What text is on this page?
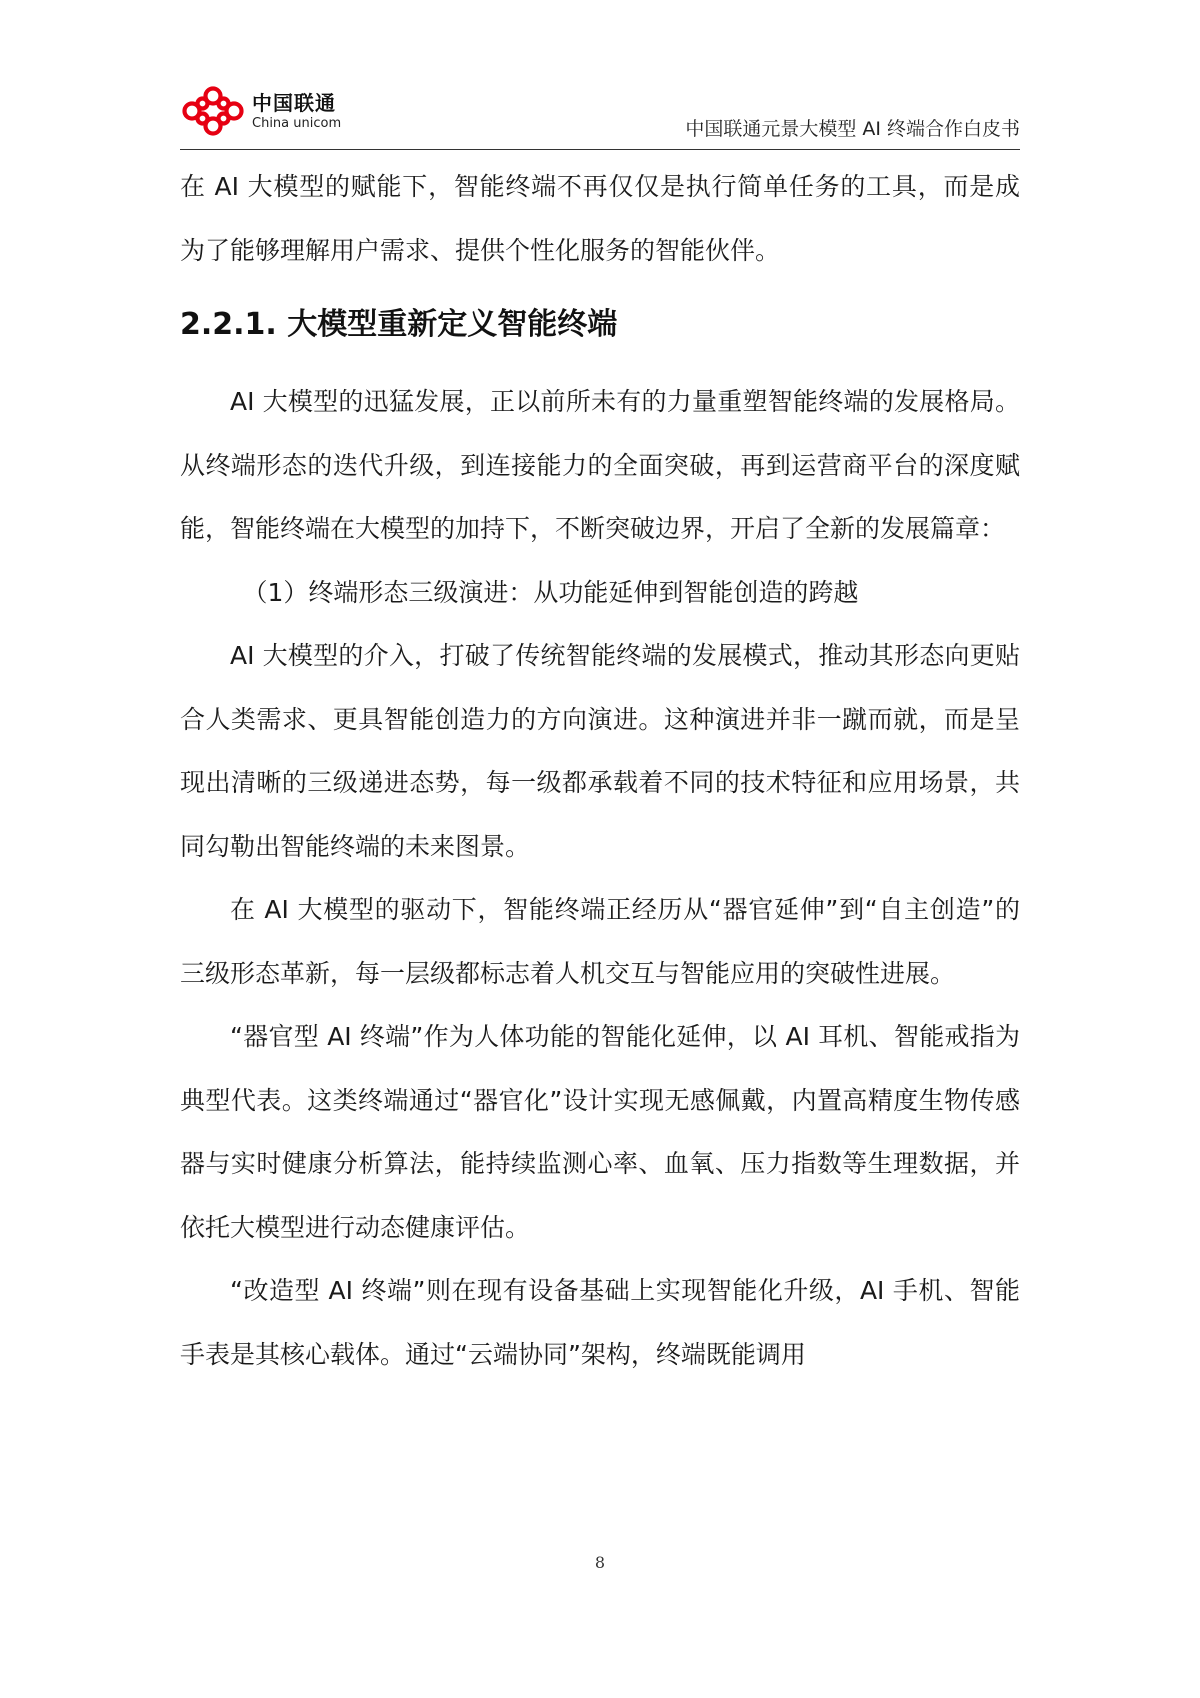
中国联通
China unicom	中国联通元景大模型 AI 终端合作白皮书

在 AI 大模型的赋能下，智能终端不再仅仅是执行简单任务的工具，而是成为了能够理解用户需求、提供个性化服务的智能伙伴。

2.2.1. 大模型重新定义智能终端

AI 大模型的迅猛发展，正以前所未有的力量重塑智能终端的发展格局。从终端形态的迭代升级，到连接能力的全面突破，再到运营商平台的深度赋能，智能终端在大模型的加持下，不断突破边界，开启了全新的发展篇章：

（1）终端形态三级演进：从功能延伸到智能创造的跨越

AI 大模型的介入，打破了传统智能终端的发展模式，推动其形态向更贴合人类需求、更具智能创造力的方向演进。这种演进并非一蹴而就，而是呈现出清晰的三级递进态势，每一级都承载着不同的技术特征和应用场景，共同勾勒出智能终端的未来图景。

在 AI 大模型的驱动下，智能终端正经历从“器官延伸”到“自主创造”的三级形态革新，每一层级都标志着人机交互与智能应用的突破性进展。

“器官型 AI 终端”作为人体功能的智能化延伸，以 AI 耳机、智能戒指为典型代表。这类终端通过“器官化”设计实现无感佩戴，内置高精度生物传感器与实时健康分析算法，能持续监测心率、血氧、压力指数等生理数据，并依托大模型进行动态健康评估。

“改造型 AI 终端”则在现有设备基础上实现智能化升级，AI 手机、智能手表是其核心载体。通过“云端协同”架构，终端既能调用

8
